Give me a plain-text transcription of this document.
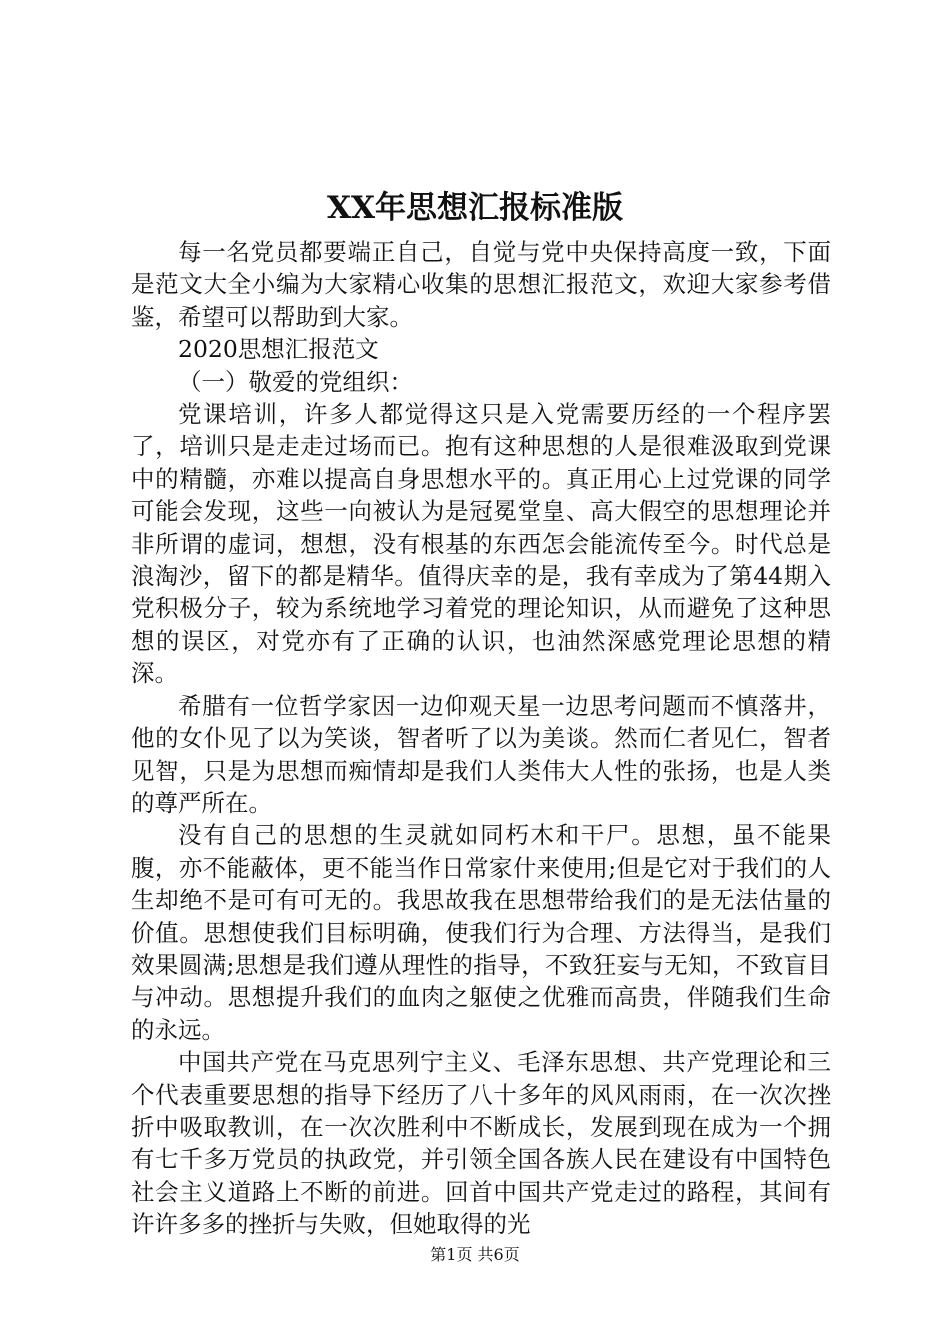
XX年思想汇报标准版

每一名党员都要端正自己，自觉与党中央保持高度一致，下面是范文大全小编为大家精心收集的思想汇报范文，欢迎大家参考借鉴，希望可以帮助到大家。

2020思想汇报范文

（一）敬爱的党组织：

党课培训，许多人都觉得这只是入党需要历经的一个程序罢了，培训只是走走过场而已。抱有这种思想的人是很难汲取到党课中的精髓，亦难以提高自身思想水平的。真正用心上过党课的同学可能会发现，这些一向被认为是冠冕堂皇、高大假空的思想理论并非所谓的虚词，想想，没有根基的东西怎会能流传至今。时代总是浪淘沙，留下的都是精华。值得庆幸的是，我有幸成为了第44期入党积极分子，较为系统地学习着党的理论知识，从而避免了这种思想的误区，对党亦有了正确的认识，也油然深感党理论思想的精深。

希腊有一位哲学家因一边仰观天星一边思考问题而不慎落井，他的女仆见了以为笑谈，智者听了以为美谈。然而仁者见仁，智者见智，只是为思想而痴情却是我们人类伟大人性的张扬，也是人类的尊严所在。

没有自己的思想的生灵就如同朽木和干尸。思想，虽不能果腹，亦不能蔽体，更不能当作日常家什来使用;但是它对于我们的人生却绝不是可有可无的。我思故我在思想带给我们的是无法估量的价值。思想使我们目标明确，使我们行为合理、方法得当，是我们效果圆满;思想是我们遵从理性的指导，不致狂妄与无知，不致盲目与冲动。思想提升我们的血肉之躯使之优雅而高贵，伴随我们生命的永远。

中国共产党在马克思列宁主义、毛泽东思想、共产党理论和三个代表重要思想的指导下经历了八十多年的风风雨雨，在一次次挫折中吸取教训，在一次次胜利中不断成长，发展到现在成为一个拥有七千多万党员的执政党，并引领全国各族人民在建设有中国特色社会主义道路上不断的前进。回首中国共产党走过的路程，其间有许许多多的挫折与失败，但她取得的光

第1页 共6页
